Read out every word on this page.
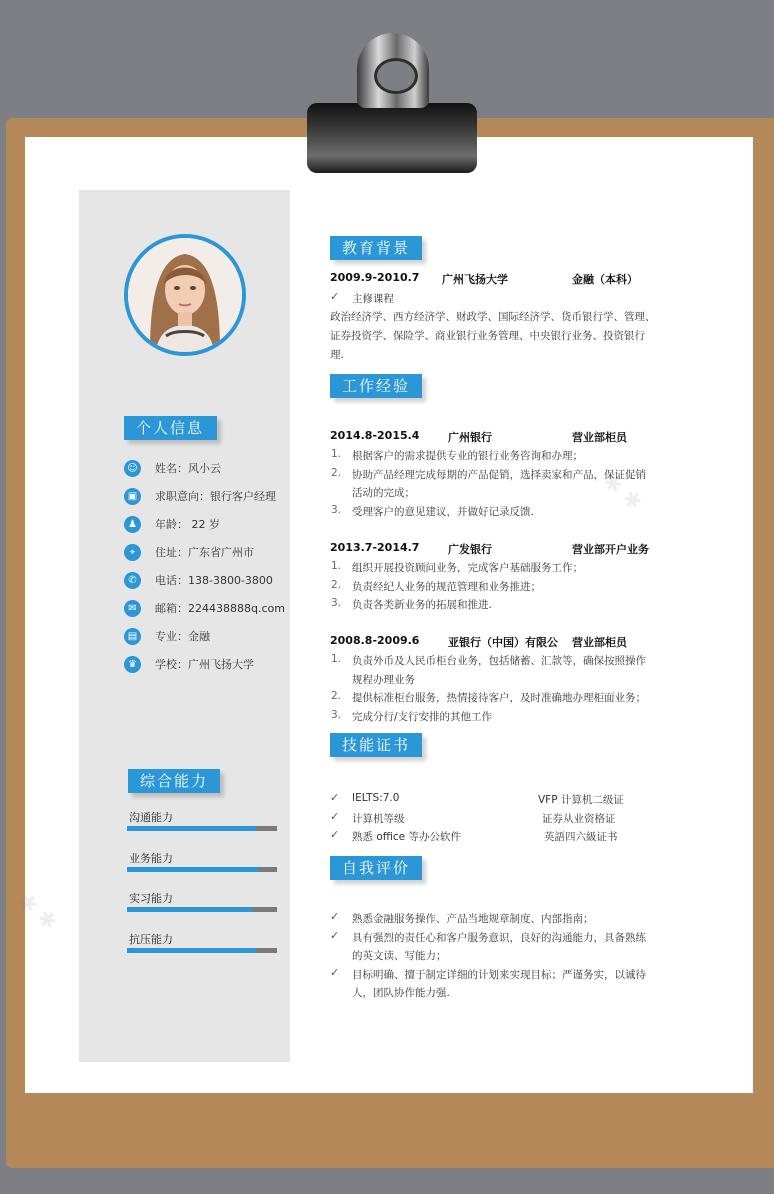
✱ ✱
✱ ✱
个人信息
☺ 姓名：风小云
▣	求职意向：银行客户经理
♟	年龄： 22 岁
⌖	住址：广东省广州市
✆	电话：138-3800-3800
✉	邮箱：224438888q.com
▤	专业：金融
♛	学校：广州飞扬大学
综合能力
沟通能力
业务能力
实习能力
抗压能力
教育背景
2009.9-2010.7 广州飞扬大学	金融（本科）
✓ 主修课程
政治经济学、西方经济学、财政学、国际经济学、货币银行学、管理、
证券投资学、保险学、商业银行业务管理、中央银行业务、投资银行
理.
工作经验
2014.8-2015.4	广州银行	营业部柜员
1. 根据客户的需求提供专业的银行业务咨询和办理；
2. 协助产品经理完成每期的产品促销，选择卖家和产品，保证促销
活动的完成；
3. 受理客户的意见建议，并做好记录反馈.
2013.7-2014.7	广发银行	营业部开户业务
1. 组织开展投资顾问业务，完成客户基础服务工作；
2. 负责经纪人业务的规范管理和业务推进；
3. 负责各类新业务的拓展和推进.
2008.8-2009.6	亚银行（中国）有限公 营业部柜员
1. 负责外币及人民币柜台业务，包括储蓄、汇款等，确保按照操作
规程办理业务
2. 提供标准柜台服务，热情接待客户，及时准确地办理柜面业务；
3. 完成分行/支行安排的其他工作
技能证书
✓ IELTS:7.0	VFP 计算机二级证
✓ 计算机等级	证券从业资格证
✓ 熟悉 office 等办公软件	英語四六級证书
自我评价
✓ 熟悉金融服务操作、产品当地规章制度、内部指南；
✓ 具有强烈的责任心和客户服务意识，良好的沟通能力，具备熟练
的英文读、写能力；
✓ 目标明确、擅于制定详细的计划来实现目标；严谨务实，以诚待
人，团队协作能力强.
